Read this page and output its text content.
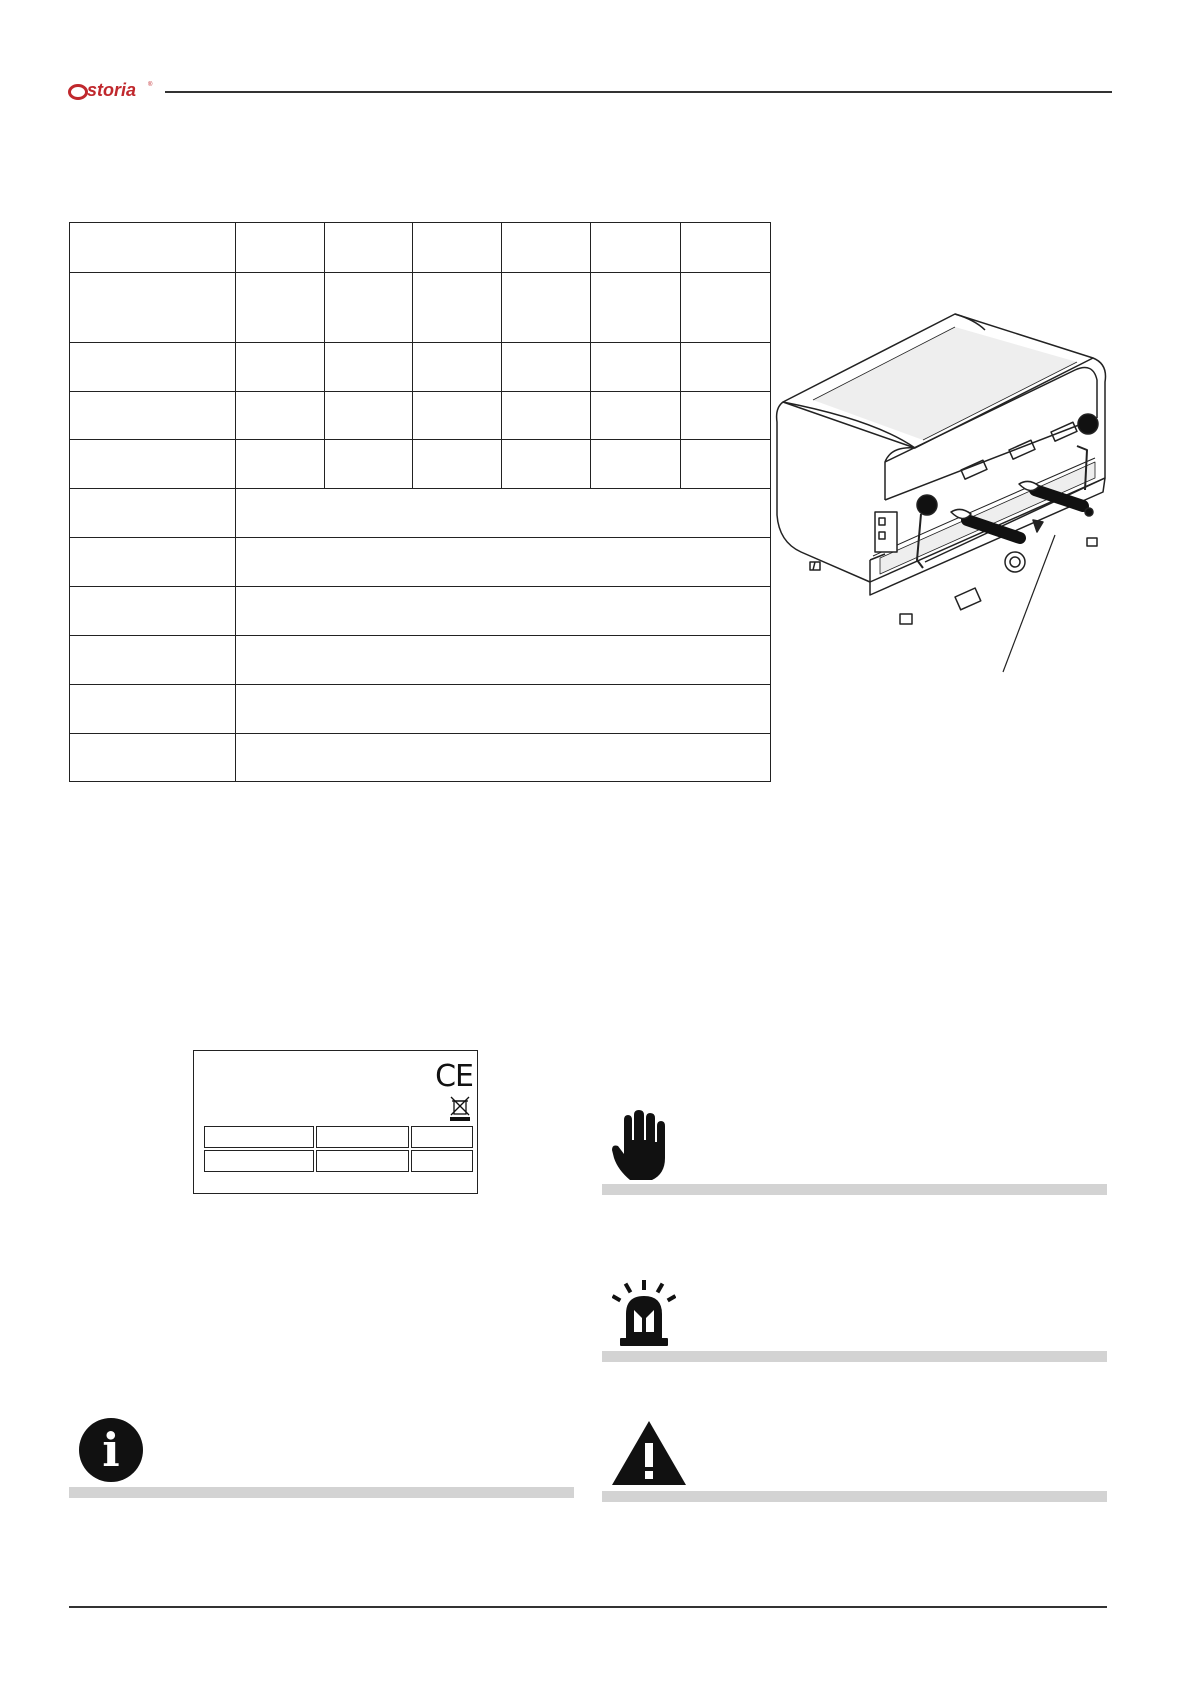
storia ®

CE
i
